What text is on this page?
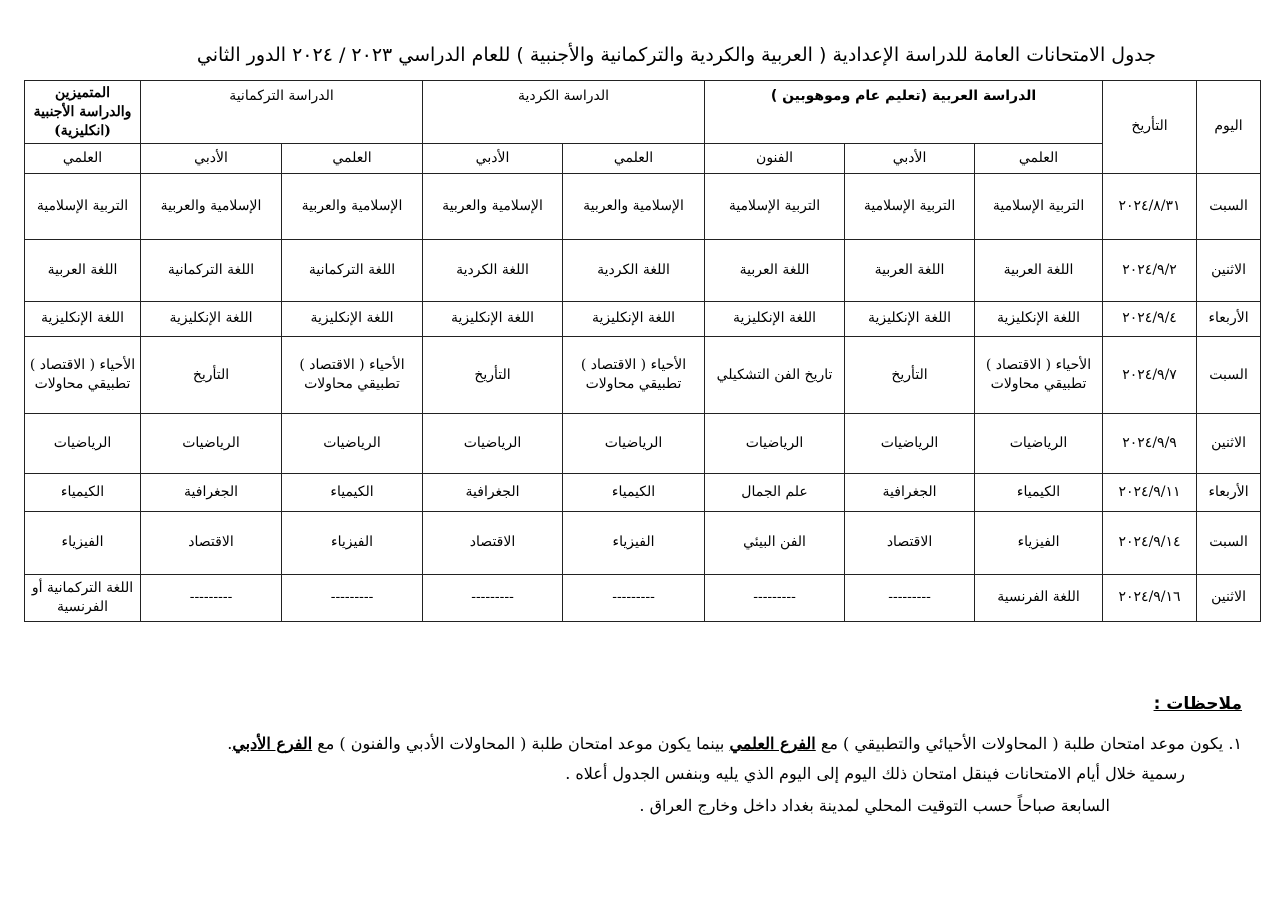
جدول الامتحانات العامة للدراسة الإعدادية ( العربية والكردية والتركمانية والأجنبية ) للعام الدراسي ٢٠٢٣ / ٢٠٢٤ الدور الثاني
اليوم	التأريخ	الدراسة العربية (تعليم عام وموهوبين )			الدراسة الكردية		الدراسة التركمانية		المتميزين والدراسة الأجنبية (انكليزية)
		العلمي	الأدبي	الفنون	العلمي	الأدبي	العلمي	الأدبي	العلمي
السبت	٢٠٢٤/٨/٣١	التربية الإسلامية	التربية الإسلامية	التربية الإسلامية	الإسلامية والعربية	الإسلامية والعربية	الإسلامية والعربية	الإسلامية والعربية	التربية الإسلامية
الاثنين	٢٠٢٤/٩/٢	اللغة العربية	اللغة العربية	اللغة العربية	اللغة الكردية	اللغة الكردية	اللغة التركمانية	اللغة التركمانية	اللغة العربية
الأربعاء	٢٠٢٤/٩/٤	اللغة الإنكليزية	اللغة الإنكليزية	اللغة الإنكليزية	اللغة الإنكليزية	اللغة الإنكليزية	اللغة الإنكليزية	اللغة الإنكليزية	اللغة الإنكليزية
السبت	٢٠٢٤/٩/٧	الأحياء ( الاقتصاد ) تطبيقي محاولات	التأريخ	تاريخ الفن التشكيلي	الأحياء ( الاقتصاد ) تطبيقي محاولات	التأريخ	الأحياء ( الاقتصاد ) تطبيقي محاولات	التأريخ	الأحياء ( الاقتصاد ) تطبيقي محاولات
الاثنين	٢٠٢٤/٩/٩	الرياضيات	الرياضيات	الرياضيات	الرياضيات	الرياضيات	الرياضيات	الرياضيات	الرياضيات
الأربعاء	٢٠٢٤/٩/١١	الكيمياء	الجغرافية	علم الجمال	الكيمياء	الجغرافية	الكيمياء	الجغرافية	الكيمياء
السبت	٢٠٢٤/٩/١٤	الفيزياء	الاقتصاد	الفن البيئي	الفيزياء	الاقتصاد	الفيزياء	الاقتصاد	الفيزياء
الاثنين	٢٠٢٤/٩/١٦	اللغة الفرنسية	---------	---------	---------	---------	---------	---------	اللغة التركمانية أو الفرنسية
ملاحظات :
١. يكون موعد امتحان طلبة ( المحاولات الأحيائي والتطبيقي ) مع الفرع العلمي بينما يكون موعد امتحان طلبة ( المحاولات الأدبي والفنون ) مع الفرع الأدبي.
رسمية خلال أيام الامتحانات فينقل امتحان ذلك اليوم إلى اليوم الذي يليه وبنفس الجدول أعلاه .
السابعة صباحاً حسب التوقيت المحلي لمدينة بغداد داخل وخارج العراق .
